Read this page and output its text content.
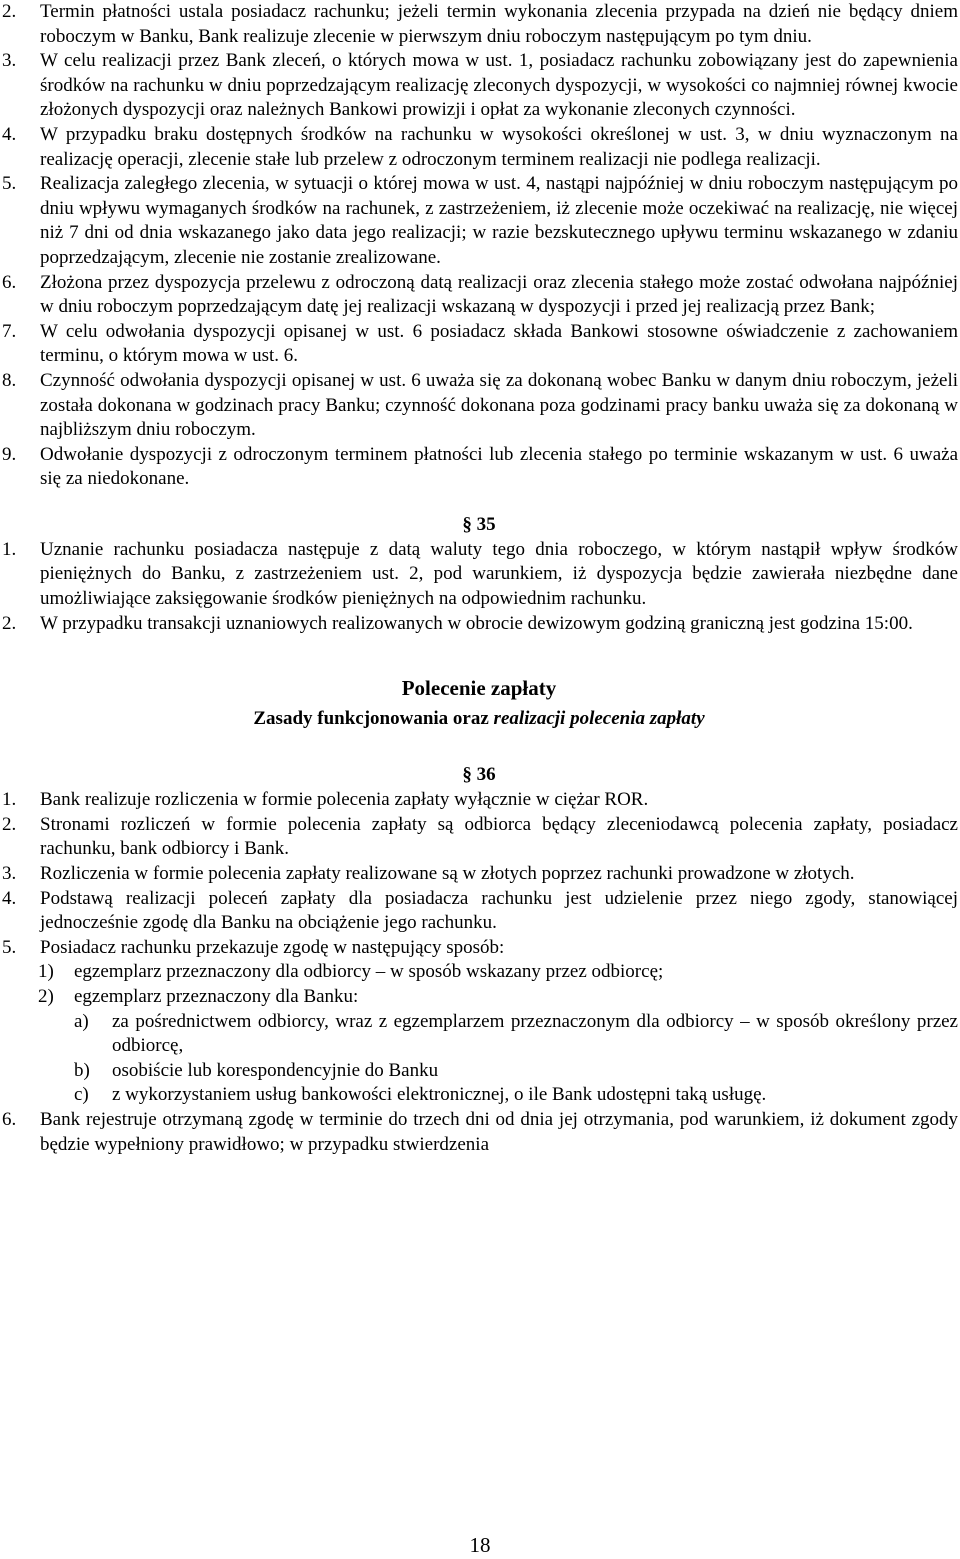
2.	Termin płatności ustala posiadacz rachunku; jeżeli termin wykonania zlecenia przypada na dzień nie będący dniem roboczym w Banku, Bank realizuje zlecenie w pierwszym dniu roboczym następującym po tym dniu.
3.	W celu realizacji przez Bank zleceń, o których mowa w ust. 1, posiadacz rachunku zobowiązany jest do zapewnienia środków na rachunku w dniu poprzedzającym realizację zleconych dyspozycji, w wysokości co najmniej równej kwocie złożonych dyspozycji oraz należnych Bankowi prowizji i opłat za wykonanie zleconych czynności.
4.	W przypadku braku dostępnych środków na rachunku w wysokości określonej w ust. 3, w dniu wyznaczonym na realizację operacji, zlecenie stałe lub przelew z odroczonym terminem realizacji nie podlega realizacji.
5.	Realizacja zaległego zlecenia, w sytuacji o której mowa w ust. 4, nastąpi najpóźniej w dniu roboczym następującym po dniu wpływu wymaganych środków na rachunek, z zastrzeżeniem, iż zlecenie może oczekiwać na realizację, nie więcej niż 7 dni od dnia wskazanego jako data jego realizacji; w razie bezskutecznego upływu terminu wskazanego w zdaniu poprzedzającym, zlecenie nie zostanie zrealizowane.
6.	Złożona przez dyspozycja przelewu z odroczoną datą realizacji oraz zlecenia stałego może zostać odwołana najpóźniej w dniu roboczym poprzedzającym datę jej realizacji wskazaną w dyspozycji i przed jej realizacją przez Bank;
7.	W celu odwołania dyspozycji opisanej w ust. 6 posiadacz składa Bankowi stosowne oświadczenie z zachowaniem terminu, o którym mowa w ust. 6.
8.	Czynność odwołania dyspozycji opisanej w ust. 6 uważa się za dokonaną wobec Banku w danym dniu roboczym, jeżeli została dokonana w godzinach pracy Banku; czynność dokonana poza godzinami pracy banku uważa się za dokonaną w najbliższym dniu roboczym.
9.	Odwołanie dyspozycji z odroczonym terminem płatności lub zlecenia stałego po terminie wskazanym w ust. 6 uważa się za niedokonane.
§ 35
1.	Uznanie rachunku posiadacza następuje z datą waluty tego dnia roboczego, w którym nastąpił wpływ środków pieniężnych do Banku, z zastrzeżeniem ust. 2, pod warunkiem, iż dyspozycja będzie zawierała niezbędne dane umożliwiające zaksięgowanie środków pieniężnych na odpowiednim rachunku.
2.	W przypadku transakcji uznaniowych realizowanych w obrocie dewizowym godziną graniczną jest godzina 15:00.
Polecenie zapłaty
Zasady funkcjonowania oraz realizacji polecenia zapłaty
§ 36
1.	Bank realizuje rozliczenia w formie polecenia zapłaty wyłącznie w ciężar ROR.
2.	Stronami rozliczeń w formie polecenia zapłaty są odbiorca będący zleceniodawcą polecenia zapłaty, posiadacz rachunku, bank odbiorcy i Bank.
3.	Rozliczenia w formie polecenia zapłaty realizowane są w złotych poprzez rachunki prowadzone w złotych.
4.	Podstawą realizacji poleceń zapłaty dla posiadacza rachunku jest udzielenie przez niego zgody, stanowiącej jednocześnie zgodę dla Banku na obciążenie jego rachunku.
5.	Posiadacz rachunku przekazuje zgodę w następujący sposób:
1)	egzemplarz przeznaczony dla odbiorcy – w sposób wskazany przez odbiorcę;
2)	egzemplarz przeznaczony dla Banku:
a)	za pośrednictwem odbiorcy, wraz z egzemplarzem przeznaczonym dla odbiorcy – w sposób określony przez odbiorcę,
b)	osobiście lub korespondencyjnie do Banku
c)	z wykorzystaniem usług bankowości elektronicznej, o ile Bank udostępni taką usługę.
6.	Bank rejestruje otrzymaną zgodę w terminie do trzech dni od dnia jej otrzymania, pod warunkiem, iż dokument zgody będzie wypełniony prawidłowo; w przypadku stwierdzenia
18
